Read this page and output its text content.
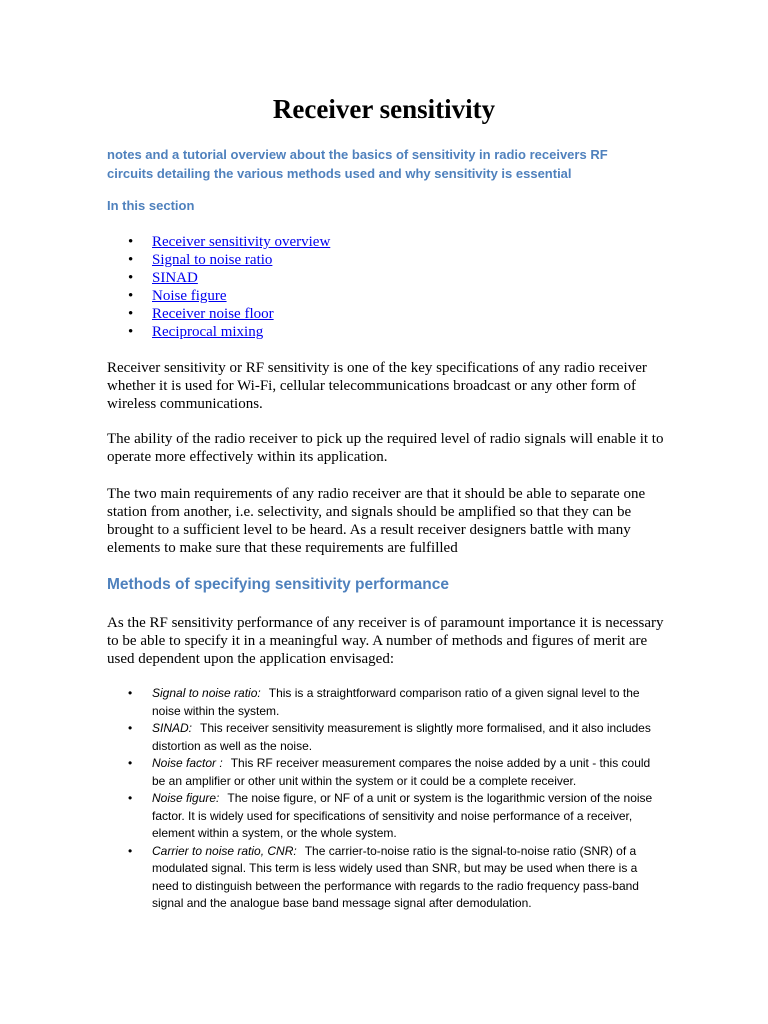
Receiver sensitivity

notes and a tutorial overview about the basics of sensitivity in radio receivers RF circuits detailing the various methods used and why sensitivity is essential

In this section

• Receiver sensitivity overview
• Signal to noise ratio
• SINAD
• Noise figure
• Receiver noise floor
• Reciprocal mixing

Receiver sensitivity or RF sensitivity is one of the key specifications of any radio receiver whether it is used for Wi-Fi, cellular telecommunications broadcast or any other form of wireless communications.

The ability of the radio receiver to pick up the required level of radio signals will enable it to operate more effectively within its application.

The two main requirements of any radio receiver are that it should be able to separate one station from another, i.e. selectivity, and signals should be amplified so that they can be brought to a sufficient level to be heard. As a result receiver designers battle with many elements to make sure that these requirements are fulfilled

Methods of specifying sensitivity performance

As the RF sensitivity performance of any receiver is of paramount importance it is necessary to be able to specify it in a meaningful way. A number of methods and figures of merit are used dependent upon the application envisaged:

• Signal to noise ratio: This is a straightforward comparison ratio of a given signal level to the noise within the system.
• SINAD: This receiver sensitivity measurement is slightly more formalised, and it also includes distortion as well as the noise.
• Noise factor : This RF receiver measurement compares the noise added by a unit - this could be an amplifier or other unit within the system or it could be a complete receiver.
• Noise figure: The noise figure, or NF of a unit or system is the logarithmic version of the noise factor. It is widely used for specifications of sensitivity and noise performance of a receiver, element within a system, or the whole system.
• Carrier to noise ratio, CNR: The carrier-to-noise ratio is the signal-to-noise ratio (SNR) of a modulated signal. This term is less widely used than SNR, but may be used when there is a need to distinguish between the performance with regards to the radio frequency pass-band signal and the analogue base band message signal after demodulation.
